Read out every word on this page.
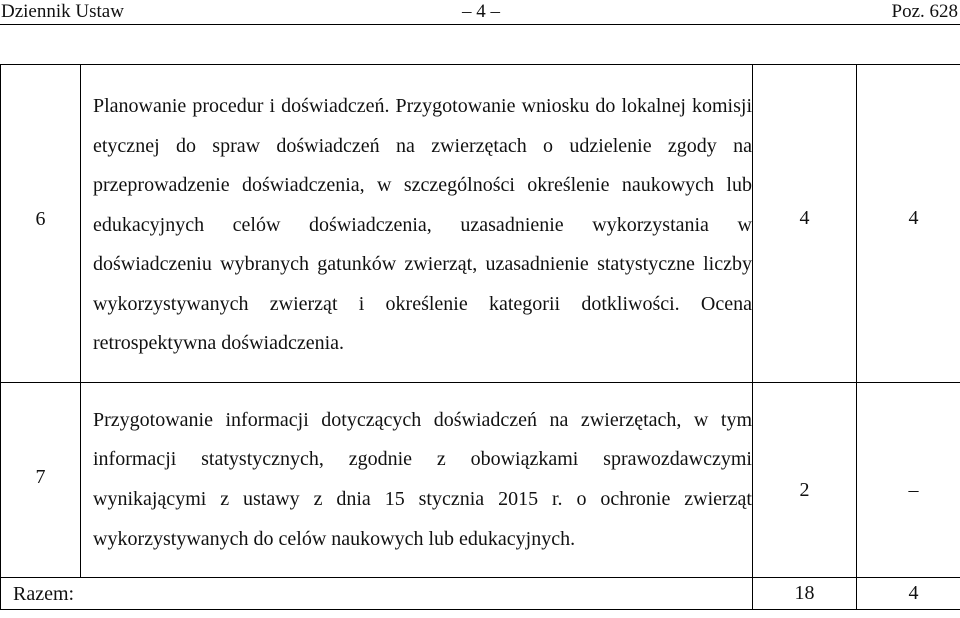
Dziennik Ustaw	– 4 –	Poz. 628
6	Planowanie procedur i doświadczeń. Przygotowanie wniosku do lokalnej komisji etycznej do spraw doświadczeń na zwierzętach o udzielenie zgody na przeprowadzenie doświadczenia, w szczególności określenie naukowych lub edukacyjnych celów doświadczenia, uzasadnienie wykorzystania w doświadczeniu wybranych gatunków zwierząt, uzasadnienie statystyczne liczby wykorzystywanych zwierząt i określenie kategorii dotkliwości. Ocena retrospektywna doświadczenia.	4	4
7	Przygotowanie informacji dotyczących doświadczeń na zwierzętach, w tym informacji statystycznych, zgodnie z obowiązkami sprawozdawczymi wynikającymi z ustawy z dnia 15 stycznia 2015 r. o ochronie zwierząt wykorzystywanych do celów naukowych lub edukacyjnych.	2	–
Razem:		18	4
